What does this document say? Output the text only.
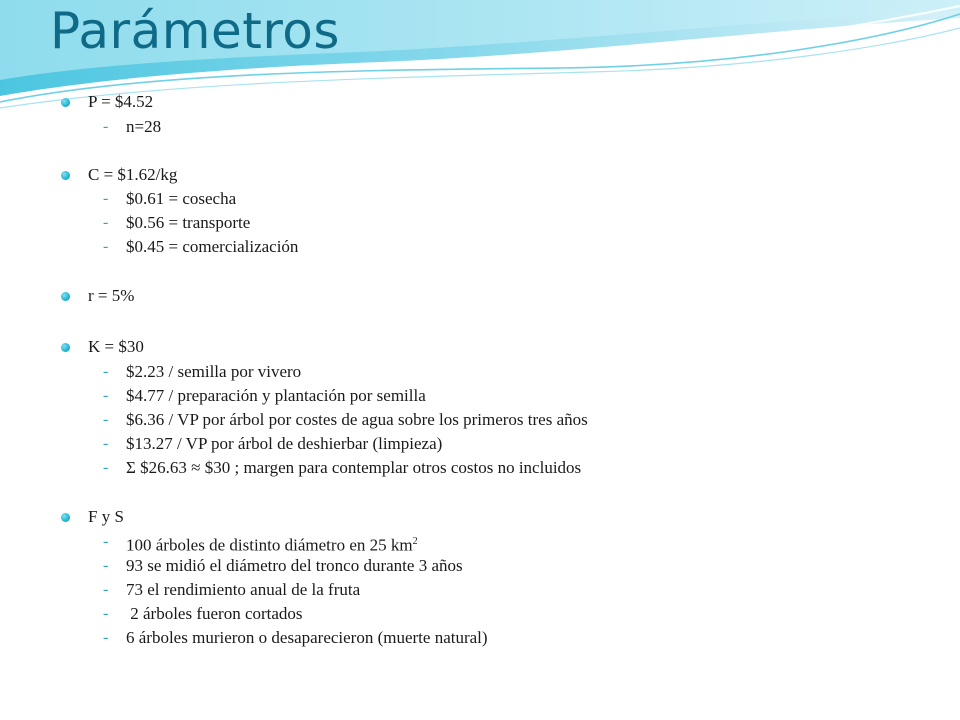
Parámetros
P = $4.52
- n=28
C = $1.62/kg
- $0.61 = cosecha
- $0.56 = transporte
- $0.45 = comercialización
r = 5%
K = $30
- $2.23 / semilla por vivero
- $4.77 / preparación y plantación por semilla
- $6.36 / VP por árbol por costes de agua sobre los primeros tres años
- $13.27 / VP por árbol de deshierbar (limpieza)
- Σ $26.63 ≈ $30 ; margen para contemplar otros costos no incluidos
F y S
- 100 árboles de distinto diámetro en 25 $km^2$
- 93 se midió el diámetro del tronco durante 3 años
- 73 el rendimiento anual de la fruta
- 2 árboles fueron cortados
- 6 árboles murieron o desaparecieron (muerte natural)
